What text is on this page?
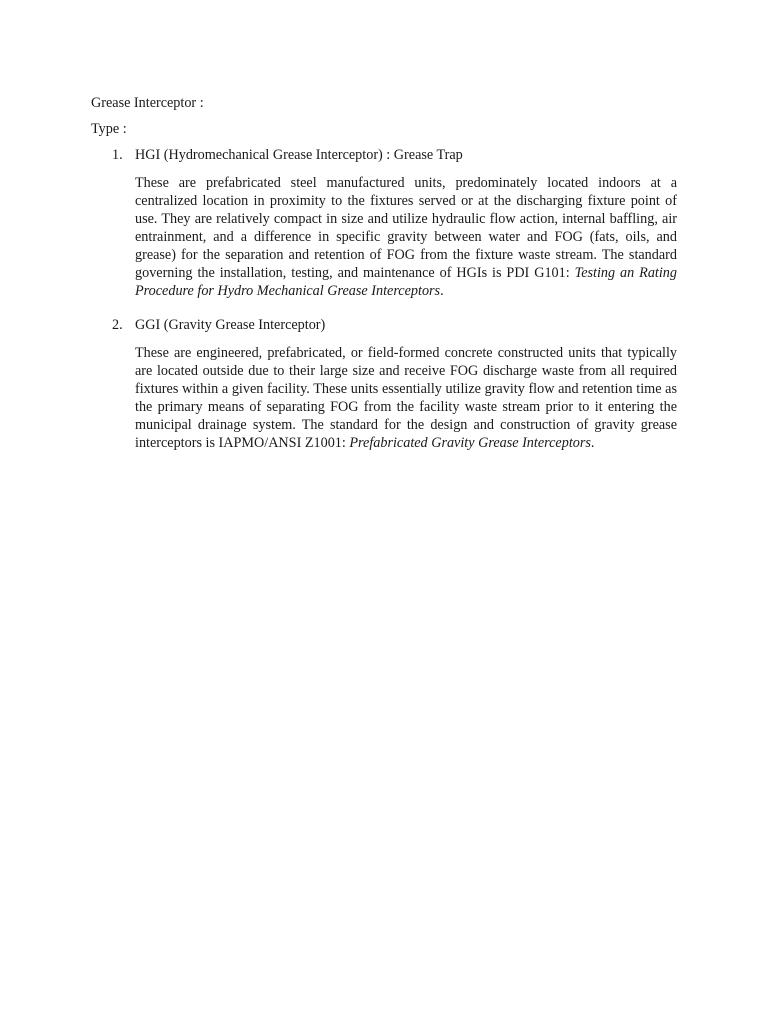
Grease Interceptor :

Type :

1. HGI (Hydromechanical Grease Interceptor) : Grease Trap

These are prefabricated steel manufactured units, predominately located indoors at a centralized location in proximity to the fixtures served or at the discharging fixture point of use. They are relatively compact in size and utilize hydraulic flow action, internal baffling, air entrainment, and a difference in specific gravity between water and FOG (fats, oils, and grease) for the separation and retention of FOG from the fixture waste stream. The standard governing the installation, testing, and maintenance of HGIs is PDI G101: Testing an Rating Procedure for Hydro Mechanical Grease Interceptors.

2. GGI (Gravity Grease Interceptor)

These are engineered, prefabricated, or field-formed concrete constructed units that typically are located outside due to their large size and receive FOG discharge waste from all required fixtures within a given facility. These units essentially utilize gravity flow and retention time as the primary means of separating FOG from the facility waste stream prior to it entering the municipal drainage system. The standard for the design and construction of gravity grease interceptors is IAPMO/ANSI Z1001: Prefabricated Gravity Grease Interceptors.
